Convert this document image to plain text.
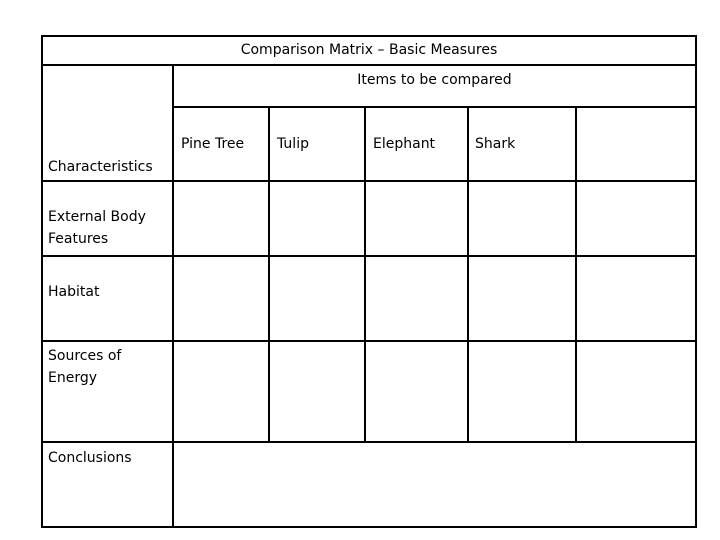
Comparison Matrix – Basic Measures
Items to be compared
Characteristics
Pine Tree Tulip	Elephant	Shark
External Body
Features
Habitat
Sources of
Energy
Conclusions
